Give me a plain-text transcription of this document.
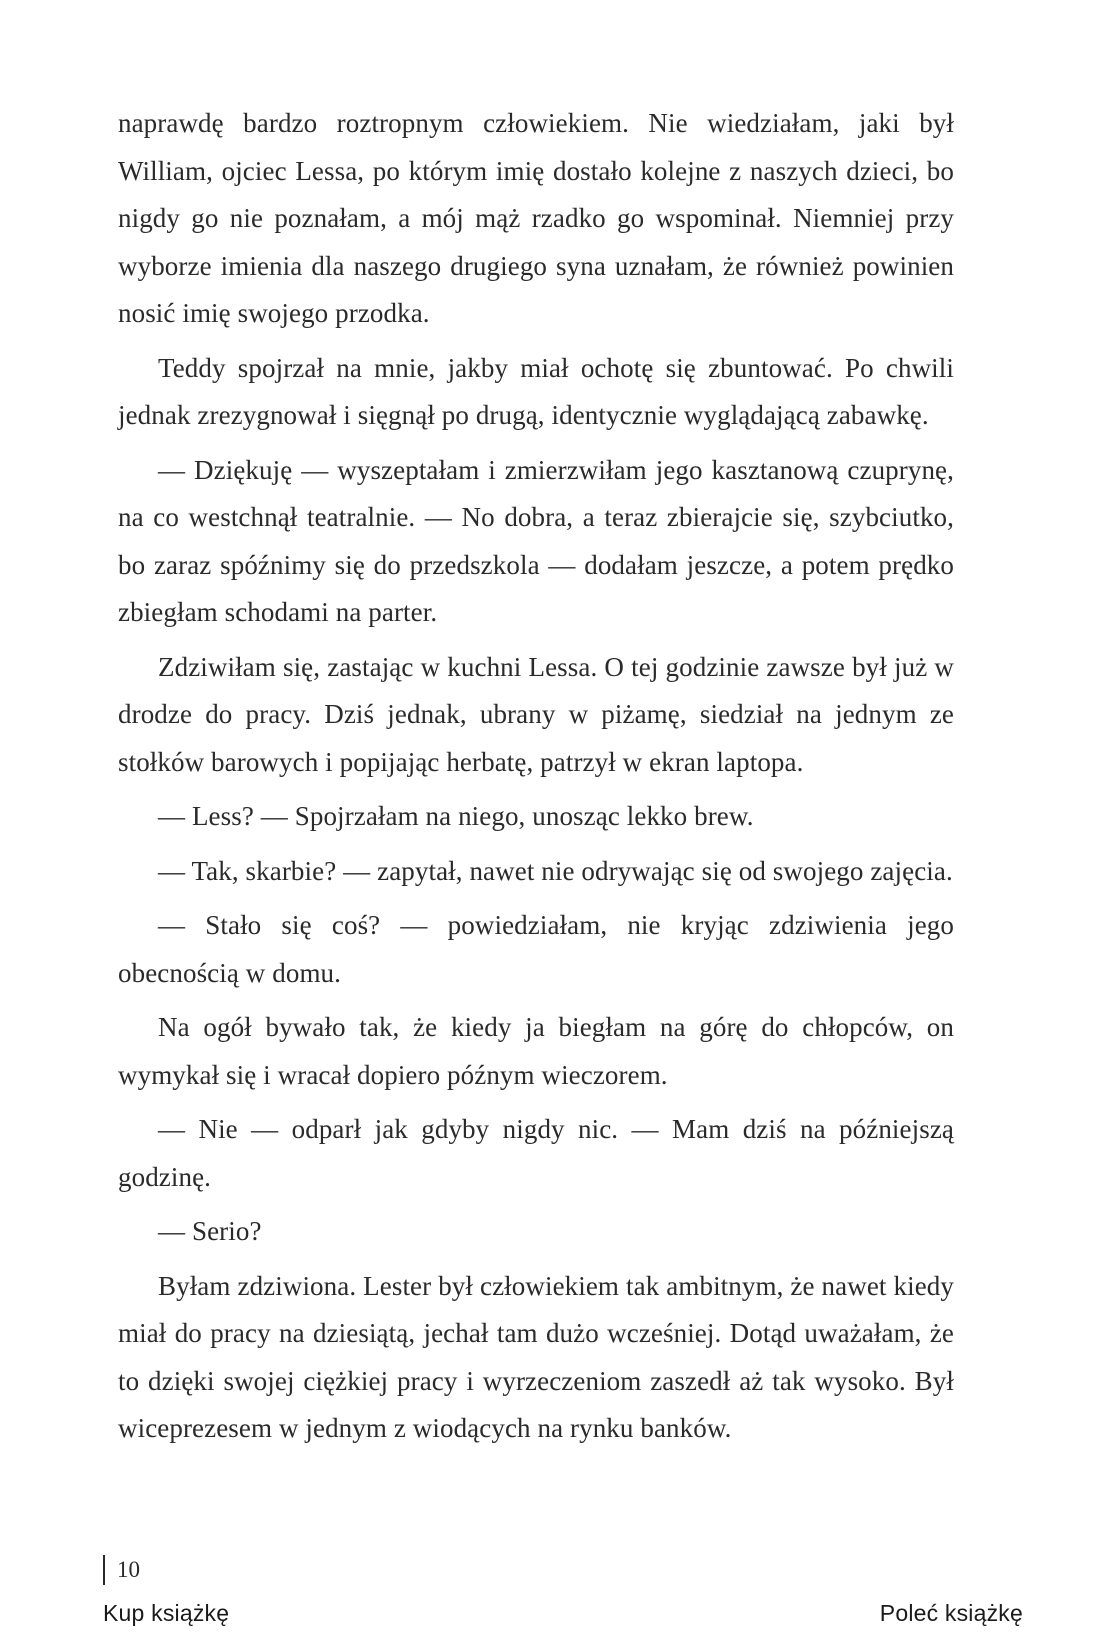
naprawdę bardzo roztropnym człowiekiem. Nie wiedziałam, jaki był William, ojciec Lessa, po którym imię dostało kolejne z naszych dzieci, bo nigdy go nie poznałam, a mój mąż rzadko go wspominał. Niemniej przy wyborze imienia dla naszego drugiego syna uznałam, że również powinien nosić imię swojego przodka.

Teddy spojrzał na mnie, jakby miał ochotę się zbuntować. Po chwili jednak zrezygnował i sięgnął po drugą, identycznie wyglądającą zabawkę.

— Dziękuję — wyszeptałam i zmierzwiłam jego kasztanową czuprynę, na co westchnął teatralnie. — No dobra, a teraz zbierajcie się, szybciutko, bo zaraz spóźnimy się do przedszkola — dodałam jeszcze, a potem prędko zbiegłam schodami na parter.

Zdziwiłam się, zastając w kuchni Lessa. O tej godzinie zawsze był już w drodze do pracy. Dziś jednak, ubrany w piżamę, siedział na jednym ze stołków barowych i popijając herbatę, patrzył w ekran laptopa.

— Less? — Spojrzałam na niego, unosząc lekko brew.

— Tak, skarbie? — zapytał, nawet nie odrywając się od swojego zajęcia.

— Stało się coś? — powiedziałam, nie kryjąc zdziwienia jego obecnością w domu.

Na ogół bywało tak, że kiedy ja biegłam na górę do chłopców, on wymykał się i wracał dopiero późnym wieczorem.

— Nie — odparł jak gdyby nigdy nic. — Mam dziś na późniejszą godzinę.

— Serio?

Byłam zdziwiona. Lester był człowiekiem tak ambitnym, że nawet kiedy miał do pracy na dziesiątą, jechał tam dużo wcześniej. Dotąd uważałam, że to dzięki swojej ciężkiej pracy i wyrzeczeniom zaszedł aż tak wysoko. Był wiceprezesem w jednym z wiodących na rynku banków.

10
Kup książkę	Poleć książkę
